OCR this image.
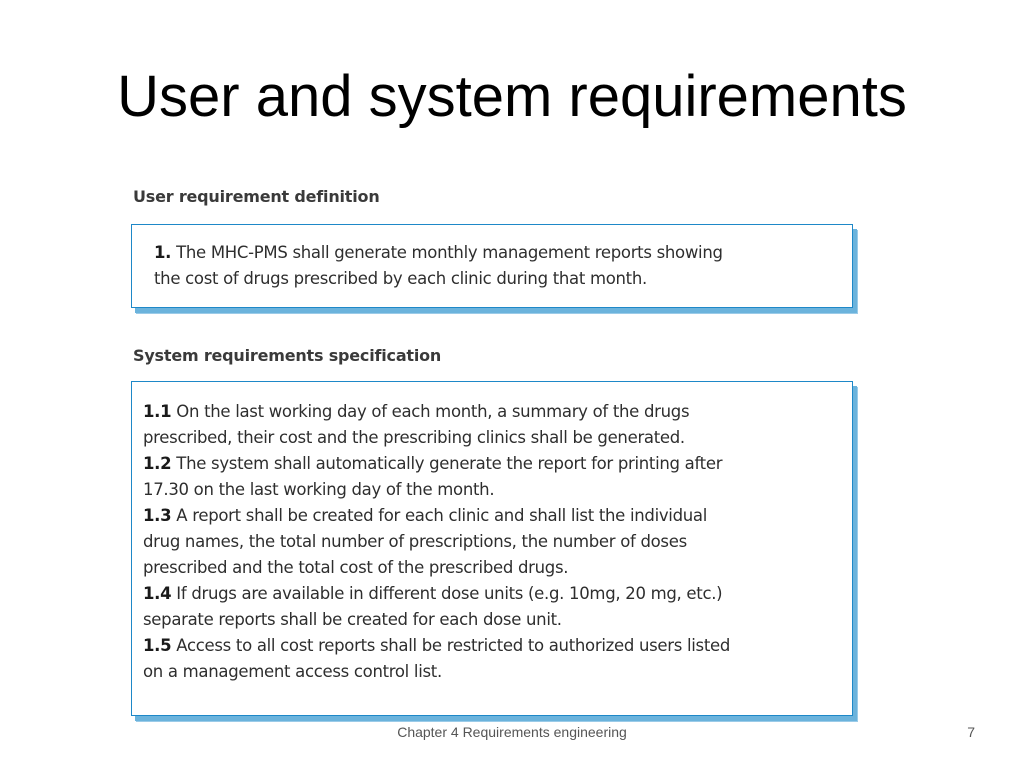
User and system requirements
User requirement definition
1. The MHC-PMS shall generate monthly management reports showing
the cost of drugs prescribed by each clinic during that month.
System requirements specification
1.1 On the last working day of each month, a summary of the drugs
prescribed, their cost and the prescribing clinics shall be generated.
1.2 The system shall automatically generate the report for printing after
17.30 on the last working day of the month.
1.3 A report shall be created for each clinic and shall list the individual
drug names, the total number of prescriptions, the number of doses
prescribed and the total cost of the prescribed drugs.
1.4 If drugs are available in different dose units (e.g. 10mg, 20 mg, etc.)
separate reports shall be created for each dose unit.
1.5 Access to all cost reports shall be restricted to authorized users listed
on a management access control list.
Chapter 4 Requirements engineering	7
